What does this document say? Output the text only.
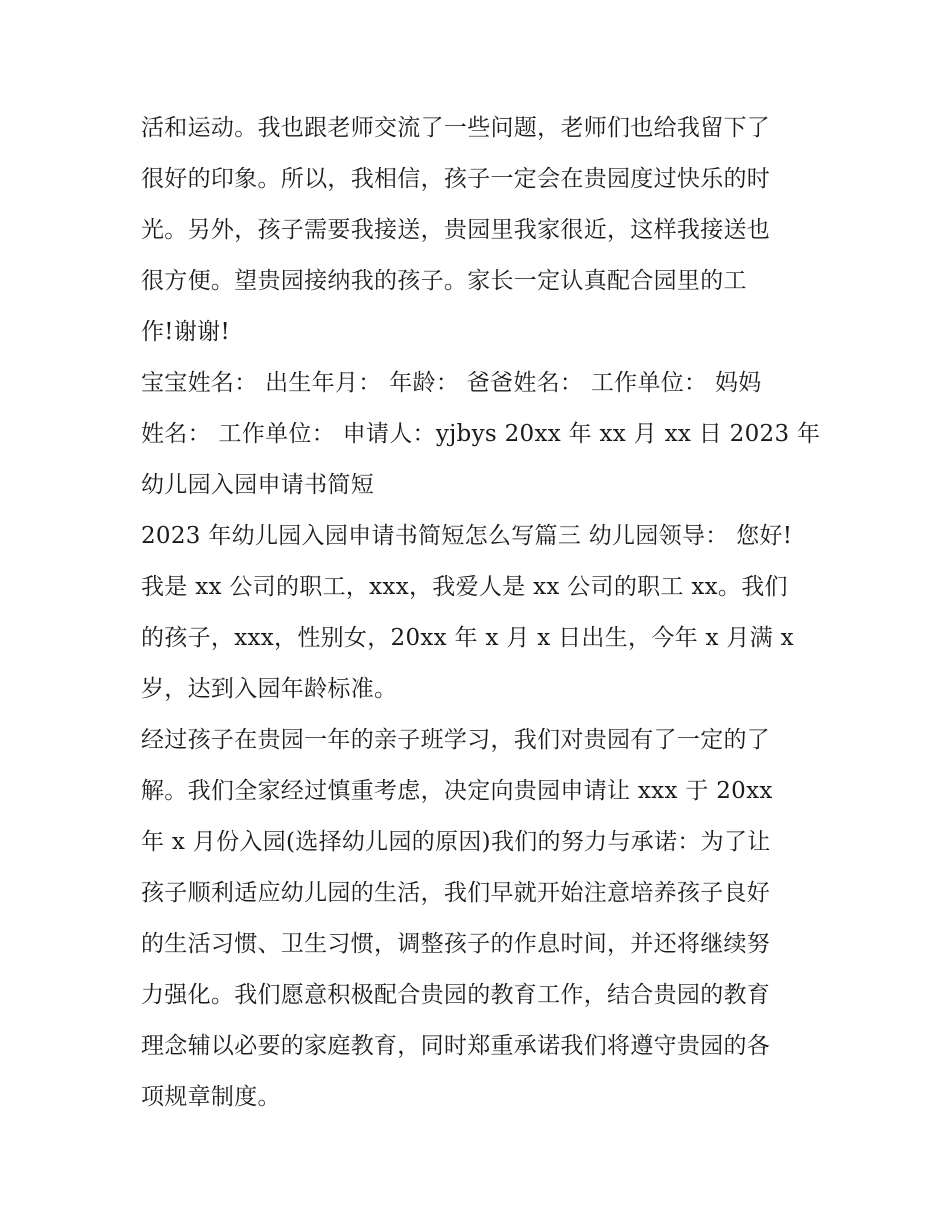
活和运动。我也跟老师交流了一些问题，老师们也给我留下了
很好的印象。所以，我相信，孩子一定会在贵园度过快乐的时
光。另外，孩子需要我接送，贵园里我家很近，这样我接送也
很方便。望贵园接纳我的孩子。家长一定认真配合园里的工
作!谢谢!
宝宝姓名： 出生年月： 年龄： 爸爸姓名： 工作单位： 妈妈
姓名： 工作单位： 申请人：yjbys 20xx 年 xx 月 xx 日 2023 年
幼儿园入园申请书简短
2023 年幼儿园入园申请书简短怎么写篇三 幼儿园领导： 您好!
我是 xx 公司的职工，xxx，我爱人是 xx 公司的职工 xx。我们
的孩子，xxx，性别女，20xx 年 x 月 x 日出生，今年 x 月满 x
岁，达到入园年龄标准。
经过孩子在贵园一年的亲子班学习，我们对贵园有了一定的了
解。我们全家经过慎重考虑，决定向贵园申请让 xxx 于 20xx
年 x 月份入园(选择幼儿园的原因)我们的努力与承诺：为了让
孩子顺利适应幼儿园的生活，我们早就开始注意培养孩子良好
的生活习惯、卫生习惯，调整孩子的作息时间，并还将继续努
力强化。我们愿意积极配合贵园的教育工作，结合贵园的教育
理念辅以必要的家庭教育，同时郑重承诺我们将遵守贵园的各
项规章制度。
